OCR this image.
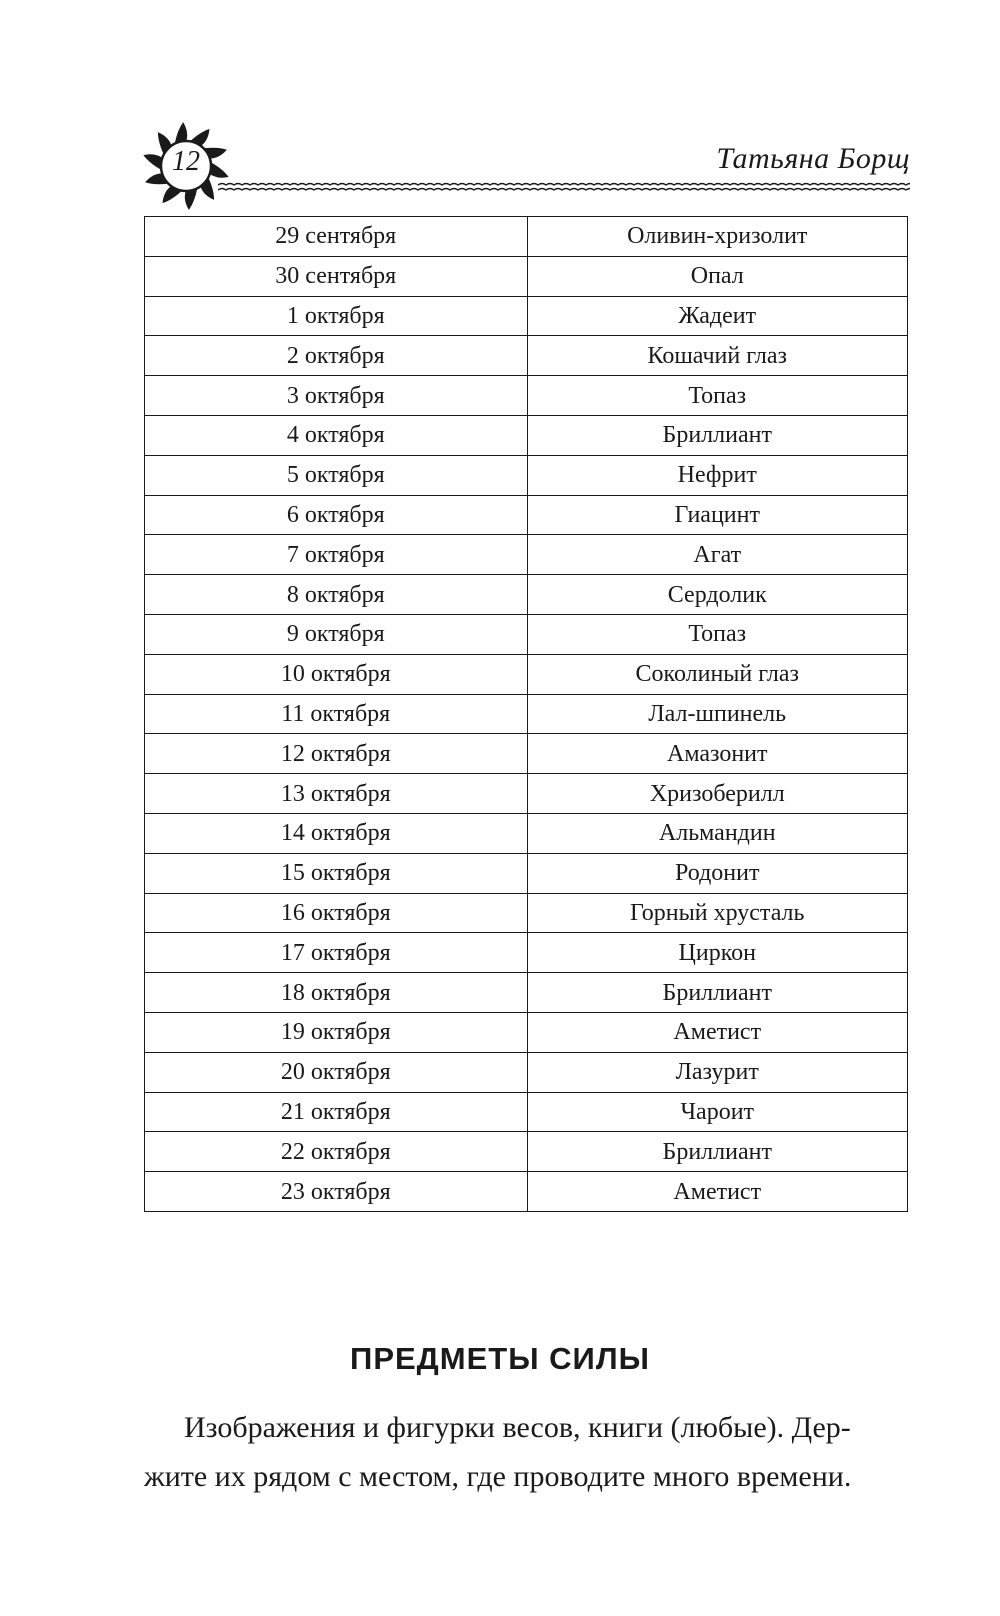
12	Татьяна Борщ
29 сентября	Оливин-хризолит
30 сентября	Опал
1 октября	Жадеит
2 октября	Кошачий глаз
3 октября	Топаз
4 октября	Бриллиант
5 октября	Нефрит
6 октября	Гиацинт
7 октября	Агат
8 октября	Сердолик
9 октября	Топаз
10 октября	Соколиный глаз
11 октября	Лал-шпинель
12 октября	Амазонит
13 октября	Хризоберилл
14 октября	Альмандин
15 октября	Родонит
16 октября	Горный хрусталь
17 октября	Циркон
18 октября	Бриллиант
19 октября	Аметист
20 октября	Лазурит
21 октября	Чароит
22 октября	Бриллиант
23 октября	Аметист
ПРЕДМЕТЫ СИЛЫ
Изображения и фигурки весов, книги (любые). Дер-
жите их рядом с местом, где проводите много времени.
